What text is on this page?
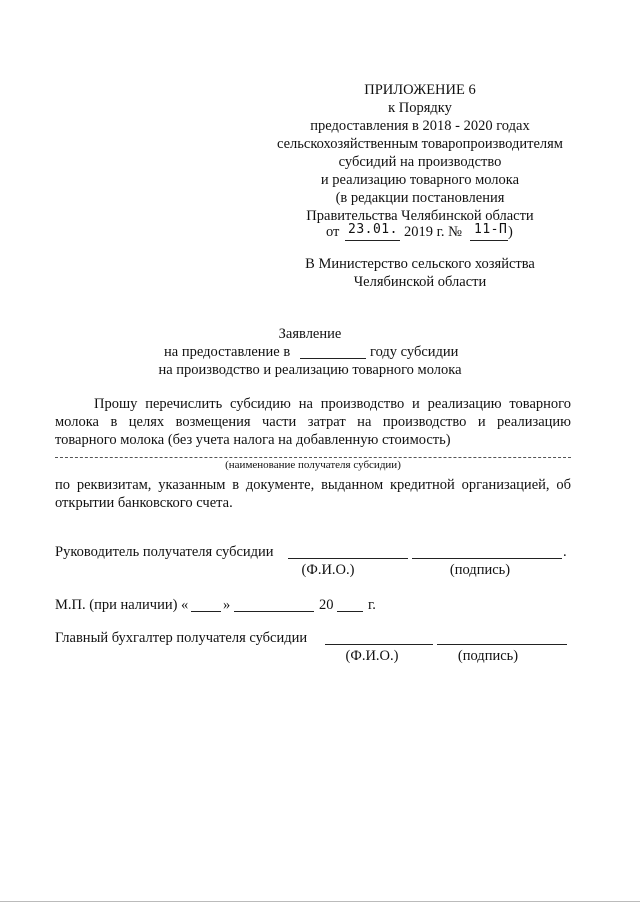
ПРИЛОЖЕНИЕ 6
к Порядку
предоставления в 2018 - 2020 годах
сельскохозяйственным товаропроизводителям
субсидий на производство
и реализацию товарного молока
(в редакции постановления
Правительства Челябинской области
от 23.01. 2019 г. № 11-П )
В Министерство сельского хозяйства
Челябинской области
Заявление
на предоставление в	году субсидии
на производство и реализацию товарного молока
Прошу перечислить субсидию на производство и реализацию товарного
молока в целях возмещения части затрат на производство и реализацию
товарного молока (без учета налога на добавленную стоимость)
(наименование получателя субсидии)
по реквизитам, указанным в документе, выданном кредитной организацией, об
открытии банковского счета.
Руководитель получателя субсидии	.
(Ф.И.О.)	(подпись)
М.П. (при наличии) « »	20 г.
Главный бухгалтер получателя субсидии
(Ф.И.О.)	(подпись)
